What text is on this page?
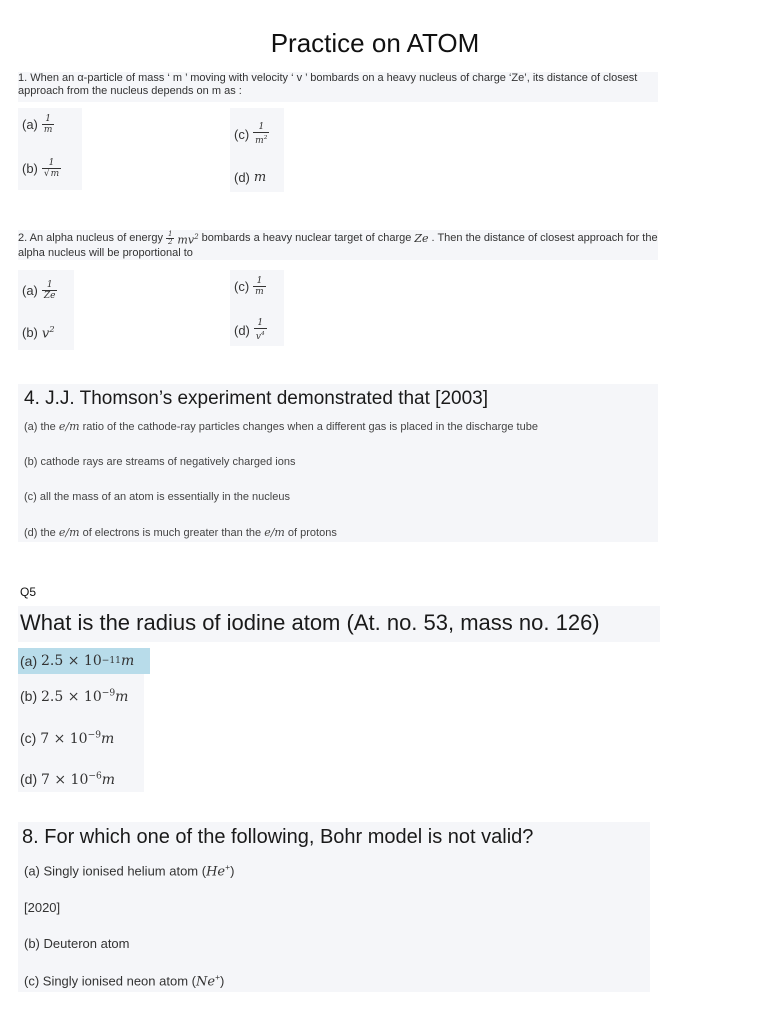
Practice on ATOM
1. When an α-particle of mass ‘ m ’ moving with velocity ‘ v ’ bombards on a heavy nucleus of charge ‘Ze’, its distance of closest
approach from the nucleus depends on m as :
$(a) \frac{1}{m}$
$(b) \frac{1}{√m}$
$(c) \frac{1}{m^2}$
(d) m
2. An alpha nucleus of energy $\frac{1}{2} mv^2$ bombards a heavy nuclear target of charge Ze . Then the distance of closest approach for the
alpha nucleus will be proportional to
$(a) \frac{1}{Ze}$
(b) $v^2$
$(c) \frac{1}{m}$
$(d) \frac{1}{v^4}$
4. J.J. Thomson’s experiment demonstrated that [2003]
(a) the e/m ratio of the cathode-ray particles changes when a different gas is placed in the discharge tube
(b) cathode rays are streams of negatively charged ions
(c) all the mass of an atom is essentially in the nucleus
(d) the e/m of electrons is much greater than the e/m of protons
Q5
What is the radius of iodine atom (At. no. 53, mass no. 126)
(a)
2.5 × 10 −11 m
(b) $2.5 \times 10^{-9}m$
(c) $7 \times 10^{-9}m$
(d) $7 \times 10^{-6}m$
8. For which one of the following, Bohr model is not valid?
(a) Singly ionised helium atom (He+)
[2020]
(b) Deuteron atom
(c) Singly ionised neon atom (Ne+)
